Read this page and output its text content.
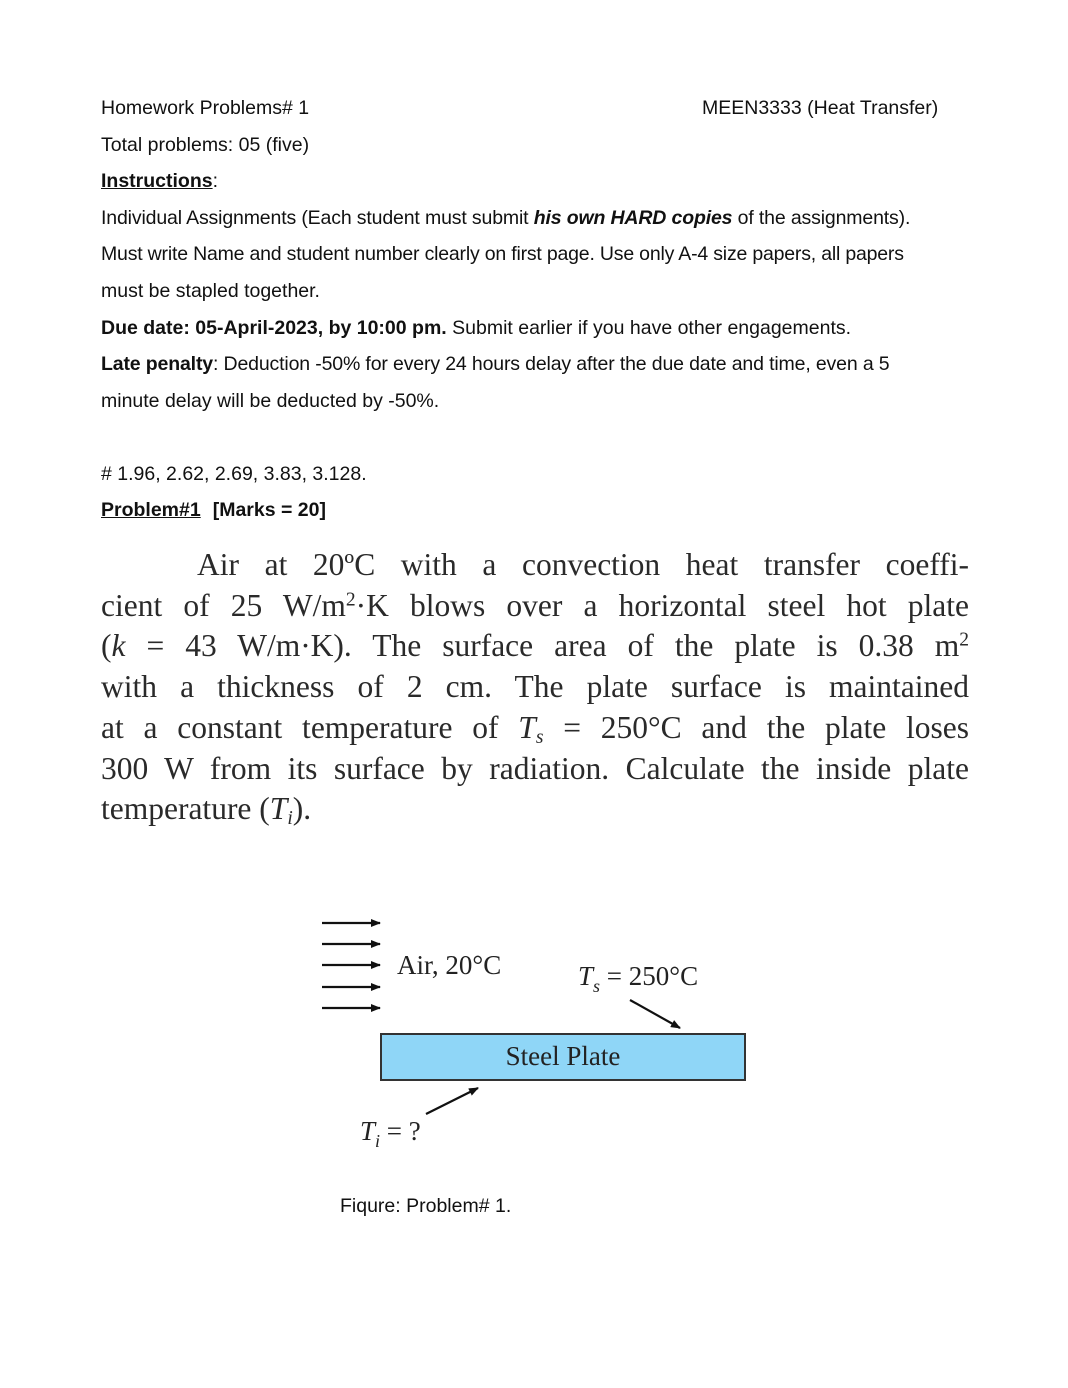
Homework Problems# 1	MEEN3333 (Heat Transfer)
Total problems: 05 (five)
Instructions:
Individual Assignments (Each student must submit his own HARD copies of the assignments).
Must write Name and student number clearly on first page. Use only A-4 size papers, all papers
must be stapled together.
Due date: 05-April-2023, by 10:00 pm. Submit earlier if you have other engagements.
Late penalty: Deduction -50% for every 24 hours delay after the due date and time, even a 5
minute delay will be deducted by -50%.
# 1.96, 2.62, 2.69, 3.83, 3.128.
Problem#1 [Marks = 20]
Air at 20ºC with a convection heat transfer coeffi-
cient of 25 $W/m^2\cdot K$ blows over a horizontal steel hot plate
(k = 43 W/m·K). The surface area of the plate is 0.38 $m^2$
with a thickness of 2 cm. The plate surface is maintained
at a constant temperature of $T_s = 250^\circ C$ and the plate loses
300 W from its surface by radiation. Calculate the inside plate
temperature $(T_i)$.
Air, 20°C	$T_s = 250^\circ C$
Steel Plate
$T_i$ = ?
Fiqure: Problem# 1.
